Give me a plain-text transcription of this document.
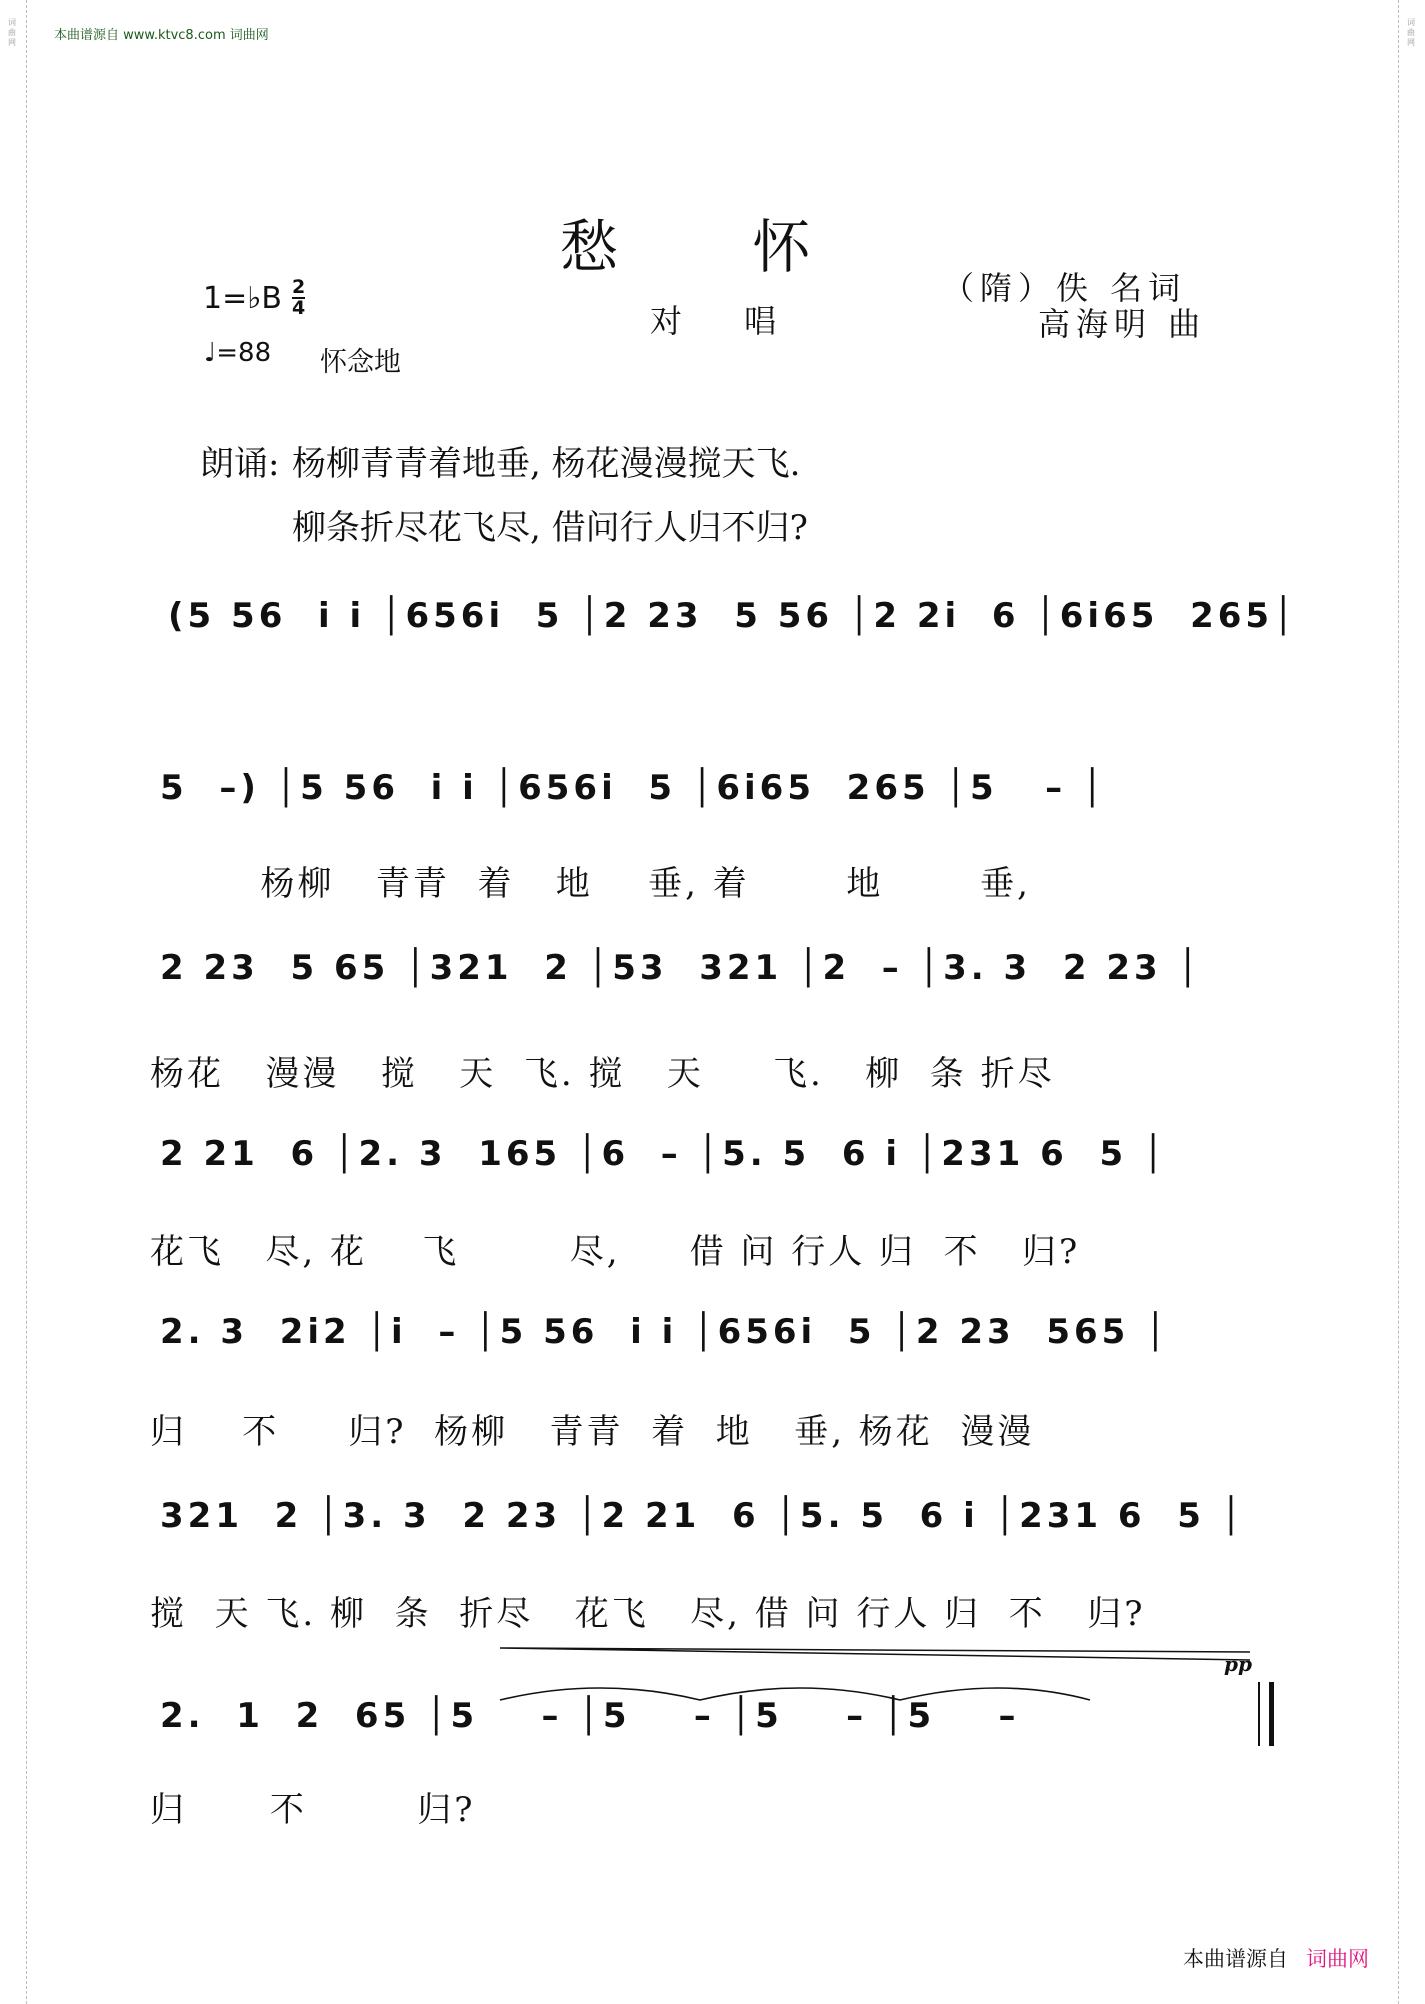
词曲网
词曲网
本曲谱源自 www.ktvc8.com 词曲网
愁 怀
对 唱
（隋）佚 名词
高海明 曲
1=♭B 2
4
♩=88 怀念地
朗诵: 杨柳青青着地垂, 杨花漫漫搅天飞.
柳条折尽花飞尽, 借问行人归不归?
(5 56  i i │656i  5 │2 23  5 56 │2 2i  6 │6i65  265│
5  –) │5 56  i i │656i  5 │6i65  265 │5   – │
杨柳   青青  着   地    垂, 着       地       垂,
2 23  5 65 │321  2 │53  321 │2  – │3. 3  2 23 │
杨花   漫漫   搅   天  飞. 搅   天     飞.   柳  条 折尽
2 21  6 │2. 3  165 │6  – │5. 5  6 i │231 6  5 │
花飞   尽, 花    飞        尽,     借 问 行人 归  不   归?
2. 3  2i2 │i  – │5 56  i i │656i  5 │2 23  565 │
归    不     归?  杨柳   青青  着  地   垂, 杨花  漫漫
321  2 │3. 3  2 23 │2 21  6 │5. 5  6 i │231 6  5 │
搅  天 飞. 柳  条  折尽   花飞   尽, 借 问 行人 归  不   归?
2.  1  2  65 │5    – │5    – │5    – │5    –
归      不        归?
pp
本曲谱源自 词曲网
